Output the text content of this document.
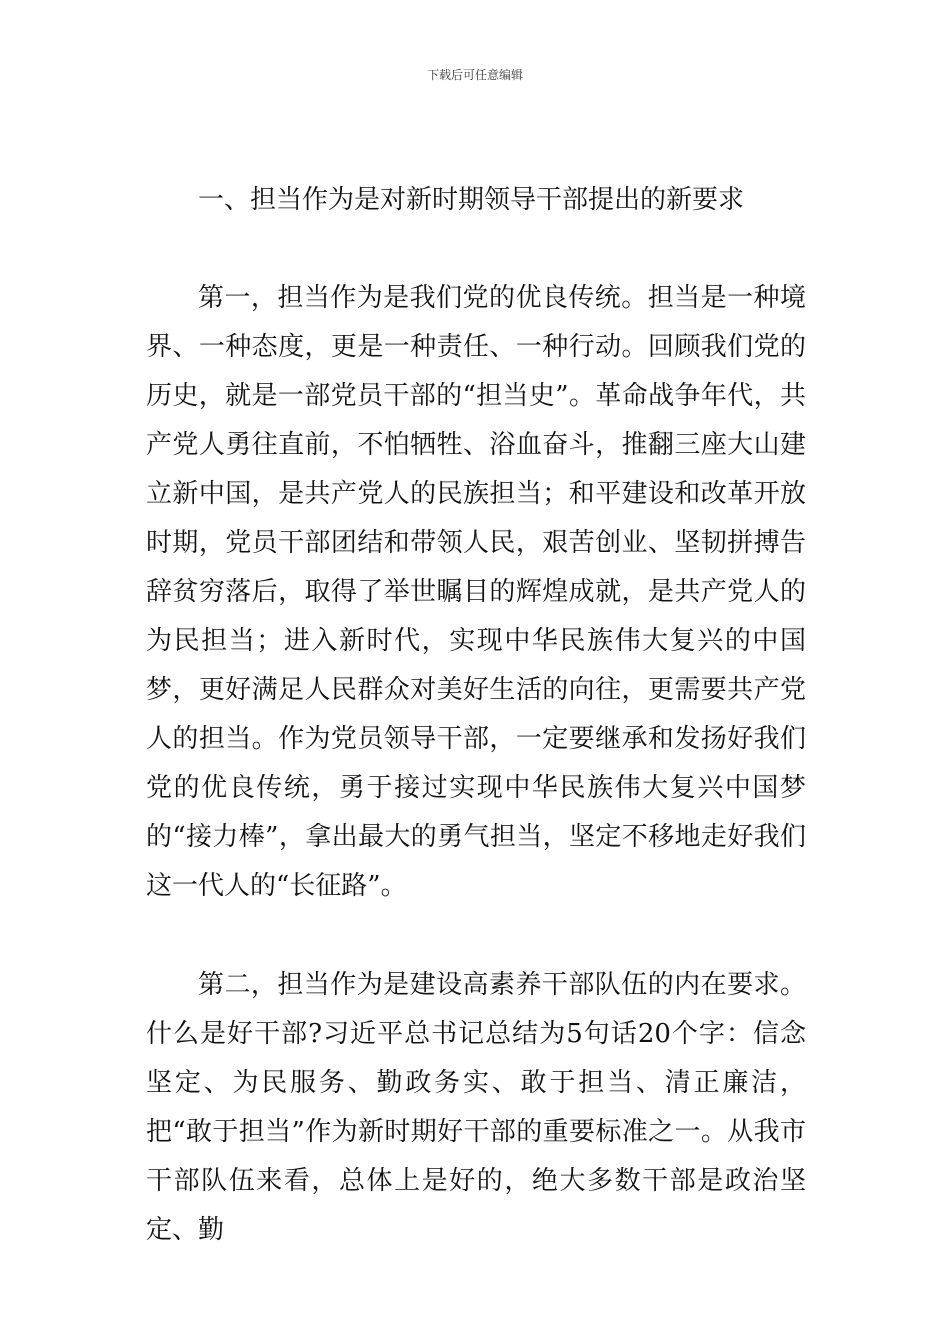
下载后可任意编辑
一、担当作为是对新时期领导干部提出的新要求

第一，担当作为是我们党的优良传统。担当是一种境界、一种态度，更是一种责任、一种行动。回顾我们党的历史，就是一部党员干部的“担当史”。革命战争年代，共产党人勇往直前，不怕牺牲、浴血奋斗，推翻三座大山建立新中国，是共产党人的民族担当；和平建设和改革开放时期，党员干部团结和带领人民，艰苦创业、坚韧拼搏告辞贫穷落后，取得了举世瞩目的辉煌成就，是共产党人的为民担当；进入新时代，实现中华民族伟大复兴的中国梦，更好满足人民群众对美好生活的向往，更需要共产党人的担当。作为党员领导干部，一定要继承和发扬好我们党的优良传统，勇于接过实现中华民族伟大复兴中国梦的“接力棒”，拿出最大的勇气担当，坚定不移地走好我们这一代人的“长征路”。

第二，担当作为是建设高素养干部队伍的内在要求。什么是好干部?习近平总书记总结为5句话20个字：信念坚定、为民服务、勤政务实、敢于担当、清正廉洁，把“敢于担当”作为新时期好干部的重要标准之一。从我市干部队伍来看，总体上是好的，绝大多数干部是政治坚定、勤
